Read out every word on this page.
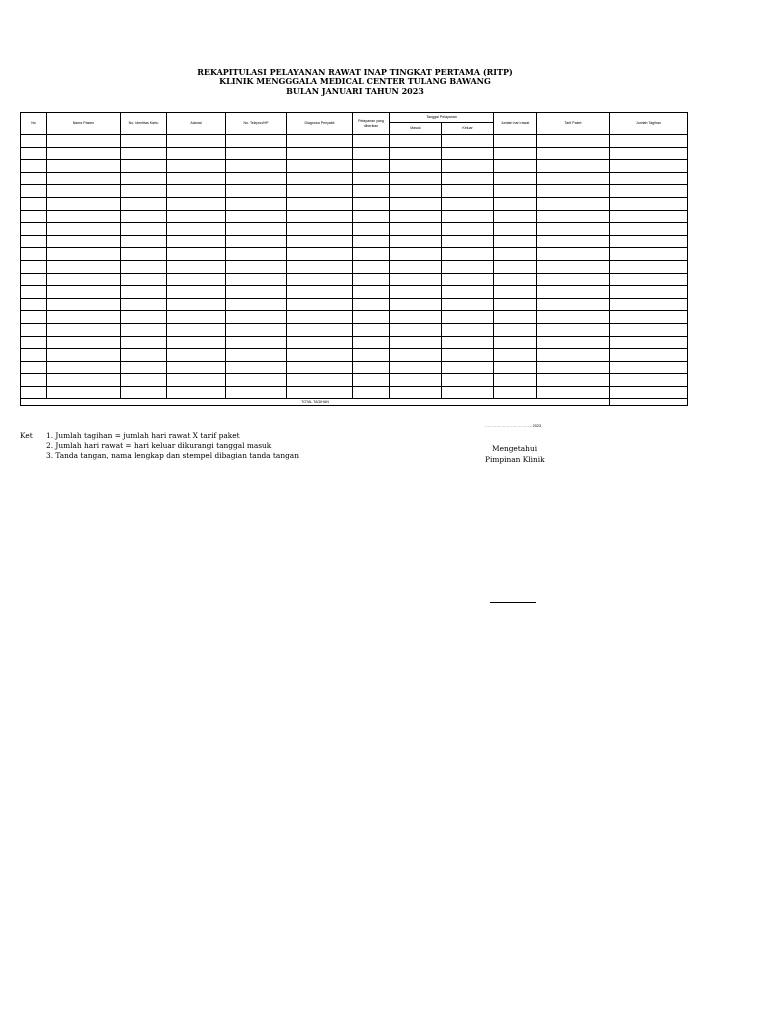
REKAPITULASI PELAYANAN RAWAT INAP TINGKAT PERTAMA (RITP)
KLINIK MENGGGALA MEDICAL CENTER TULANG BAWANG
BULAN JANUARI TAHUN 2023
No	Nama Pasien	No. Identitas Kartu	Alamat	No. Telepon/HP	Diagnosa Penyakit	Pelayanan yang diberikan	Tanggal Pelayanan		Jumlah hari rawat	Tarif Paket	Jumlah Tagihan
							Masuk	Keluar			

TOTAL TAGIHAN											
Ket 1. Jumlah tagihan = jumlah hari rawat X tarif paket
2. Jumlah hari rawat = hari keluar dikurangi tanggal masuk
3. Tanda tangan, nama lengkap dan stempel dibagian tanda tangan
………………, ………………2023
Mengetahui
Pimpinan Klinik
